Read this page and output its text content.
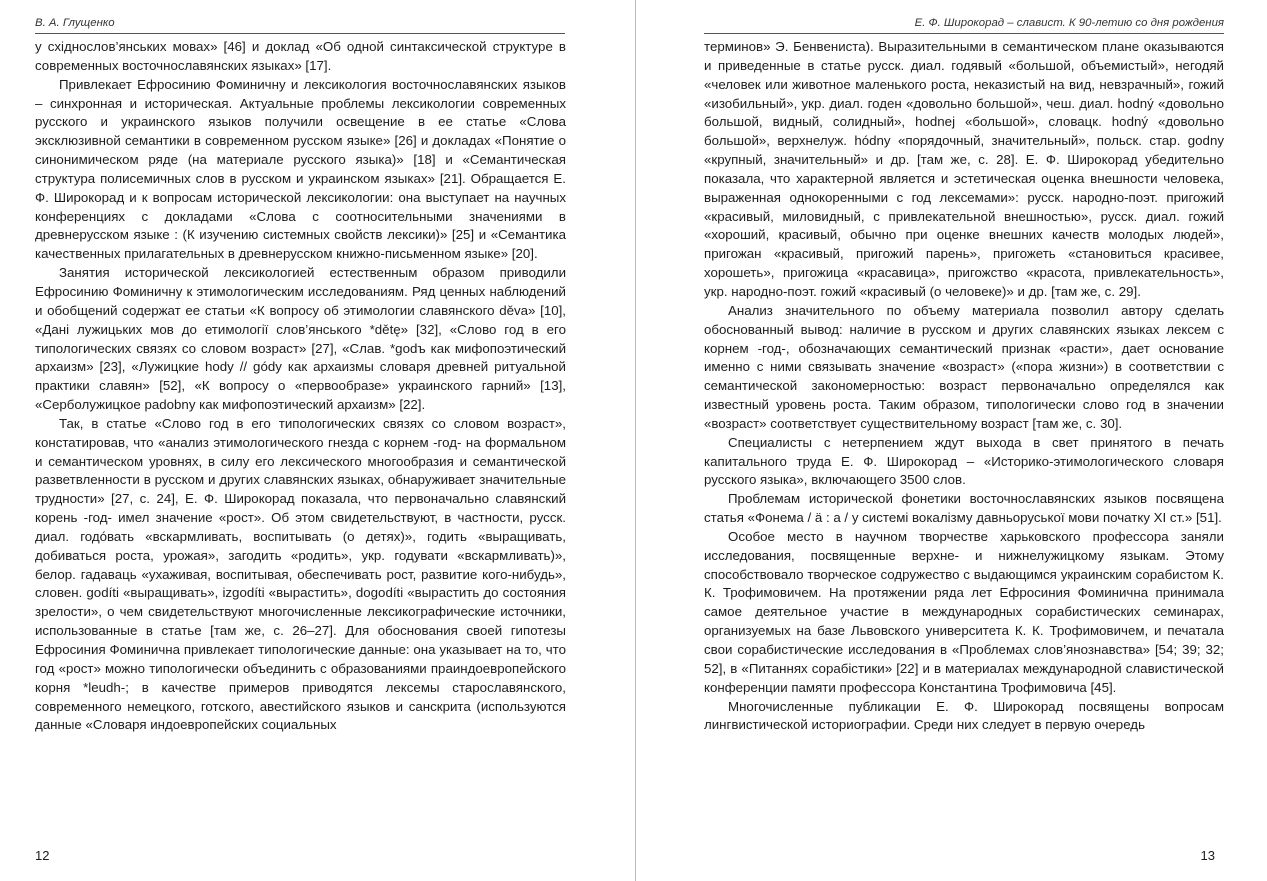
В. А. Глущенко

у східнослов’янських мовах» [46] и доклад «Об одной синтаксической структуре в современных восточнославянских языках» [17].

Привлекает Ефросинию Фоминичну и лексикология восточнославянских языков – синхронная и историческая. Актуальные проблемы лексикологии современных русского и украинского языков получили освещение в ее статье «Слова эксклюзивной семантики в современном русском языке» [26] и докладах «Понятие о синонимическом ряде (на материале русского языка)» [18] и «Семантическая структура полисемичных слов в русском и украинском языках» [21]. Обращается Е. Ф. Широкорад и к вопросам исторической лексикологии: она выступает на научных конференциях с докладами «Слова с соотносительными значениями в древнерусском языке : (К изучению системных свойств лексики)» [25] и «Семантика качественных прилагательных в древнерусском книжно-письменном языке» [20].

Занятия исторической лексикологией естественным образом приводили Ефросинию Фоминичну к этимологическим исследованиям. Ряд ценных наблюдений и обобщений содержат ее статьи «К вопросу об этимологии славянского děva» [10], «Дані лужицьких мов до етимології слов’янського *dětę» [32], «Слово год в его типологических связях со словом возраст» [27], «Слав. *godъ как мифопоэтический архаизм» [23], «Лужицкие hody // gódy как архаизмы словаря древней ритуальной практики славян» [52], «К вопросу о «первообразе» украинского гарний» [13], «Серболужицкое padobny как мифопоэтический архаизм» [22].

Так, в статье «Слово год в его типологических связях со словом возраст», констатировав, что «анализ этимологического гнезда с корнем -год- на формальном и семантическом уровнях, в силу его лексического многообразия и семантической разветвленности в русском и других славянских языках, обнаруживает значительные трудности» [27, с. 24], Е. Ф. Широкорад показала, что первоначально славянский корень -год- имел значение «рост». Об этом свидетельствуют, в частности, русск. диал. годóвать «вскармливать, воспитывать (о детях)», годить «выращивать, добиваться роста, урожая», загодить «родить», укр. годувати «вскармливать)», белор. гадаваць «ухаживая, воспитывая, обеспечивать рост, развитие кого-нибудь», словен. godíti «выращивать», izgodíti «вырастить», dogodíti «вырастить до состояния зрелости», о чем свидетельствуют многочисленные лексикографические источники, использованные в статье [там же, с. 26–27]. Для обоснования своей гипотезы Ефросиния Фоминична привлекает типологические данные: она указывает на то, что год «рост» можно типологически объединить с образованиями праиндоевропейского корня *leudh-; в качестве примеров приводятся лексемы старославянского, современного немецкого, готского, авестийского языков и санскрита (используются данные «Словаря индоевропейских социальных

12
Е. Ф. Широкорад – славист. К 90-летию со дня рождения

терминов» Э. Бенвениста). Выразительными в семантическом плане оказываются и приведенные в статье русск. диал. годявый «большой, объемистый», негодяй «человек или животное маленького роста, неказистый на вид, невзрачный», гожий «изобильный», укр. диал. годен «довольно большой», чеш. диал. hodný «довольно большой, видный, солидный», hodnej «большой», словацк. hodný «довольно большой», верхнелуж. hódny «порядочный, значительный», польск. стар. godny «крупный, значительный» и др. [там же, с. 28]. Е. Ф. Широкорад убедительно показала, что характерной является и эстетическая оценка внешности человека, выраженная однокоренными с год лексемами»: русск. народно-поэт. пригожий «красивый, миловидный, с привлекательной внешностью», русск. диал. гожий «хороший, красивый, обычно при оценке внешних качеств молодых людей», пригожан «красивый, пригожий парень», пригожеть «становиться красивее, хорошеть», пригожица «красавица», пригожство «красота, привлекательность», укр. народно-поэт. гожий «красивый (о человеке)» и др. [там же, с. 29].

Анализ значительного по объему материала позволил автору сделать обоснованный вывод: наличие в русском и других славянских языках лексем с корнем -год-, обозначающих семантический признак «расти», дает основание именно с ними связывать значение «возраст» («пора жизни») в соответствии с семантической закономерностью: возраст первоначально определялся как известный уровень роста. Таким образом, типологически слово год в значении «возраст» соответствует существительному возраст [там же, с. 30].

Специалисты с нетерпением ждут выхода в свет принятого в печать капитального труда Е. Ф. Широкорад – «Историко-этимологического словаря русского языка», включающего 3500 слов.

Проблемам исторической фонетики восточнославянских языков посвящена статья «Фонема / ä : а / у системі вокалізму давньоруської мови початку XI ст.» [51].

Особое место в научном творчестве харьковского профессора заняли исследования, посвященные верхне- и нижнелужицкому языкам. Этому способствовало творческое содружество с выдающимся украинским сорабистом К. К. Трофимовичем. На протяжении ряда лет Ефросиния Фоминична принимала самое деятельное участие в международных сорабистических семинарах, организуемых на базе Львовского университета К. К. Трофимовичем, и печатала свои сорабистические исследования в «Проблемах слов’янознавства» [54; 39; 32; 52], в «Питаннях сорабістики» [22] и в материалах международной славистической конференции памяти профессора Константина Трофимовича [45].

Многочисленные публикации Е. Ф. Широкорад посвящены вопросам лингвистической историографии. Среди них следует в первую очередь

13
